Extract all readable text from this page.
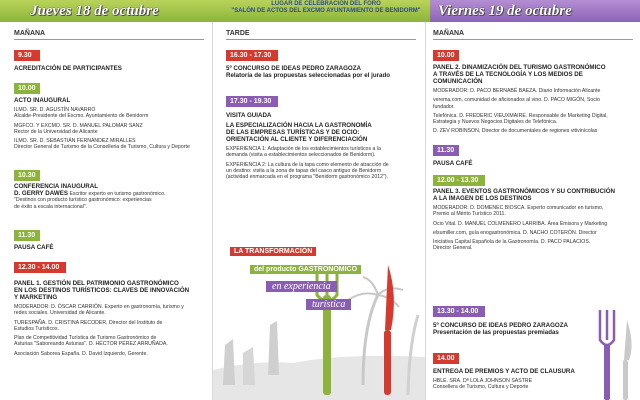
Jueves 18 de octubre	LUGAR DE CELEBRACIÓN DEL FORO
"SALÓN DE ACTOS DEL EXCMO AYUNTAMIENTO DE BENIDORM" Viernes 19 de octubre
MAÑANA
9.30

ACREDITACIÓN DE PARTICIPANTES

10.00

ACTO INAUGURAL

ILMO. SR. D. AGUSTÍN NAVARRO

Alcalde-Presidente del Excmo. Ayuntamiento de Benidorm

MGFCO. Y EXCMO. SR. D. MANUEL PALOMAR SANZ

Rector de la Universidad de Alicante

ILMO. SR. D. SEBASTIÁN FERNÁNDEZ MIRALLES

Director General de Turismo de la Conselleria de Turismo, Cultura y Deporte

10.30

CONFERENCIA INAUGURAL

D. GERRY DAWES Escritor experto en turismo gastronómico.

"Destinos con producto turístico gastronómico: experiencias

de éxito a escala internacional".

11.30

PAUSA CAFÉ

12.30 - 14.00

PANEL 1. GESTIÓN DEL PATRIMONIO GASTRONÓMICO

EN LOS DESTINOS TURÍSTICOS: CLAVES DE INNOVACIÓN

Y MARKETING

MODERADOR: D. ÓSCAR CARRIÓN. Experto en gastronomía, turismo y

redes sociales. Universidad de Alicante.

TURESPAÑA. D. CRISTINA RECODER, Director del Instituto de

Estudios Turísticos.

Plan de Competitividad Turística de Turismo Gastronómico de

Asturias "Saboreando Asturias". D. HÉCTOR PÉREZ ARRUÑADA.

Asociación Saborea España. D. David Izquierdo, Gerente.

TARDE
16.30 - 17.30

5º CONCURSO DE IDEAS PEDRO ZARAGOZA

Relatoría de las propuestas seleccionadas por el jurado

17.30 - 19.30

VISITA GUIADA

LA ESPECIALIZACIÓN HACIA LA GASTRONOMÍA

DE LAS EMPRESAS TURÍSTICAS Y DE OCIO:

ORIENTACIÓN AL CLIENTE Y DIFERENCIACIÓN

EXPERIENCIA 1: Adaptación de los establecimientos turísticos a la

demanda (visita a establecimientos seleccionados de Benidorm).

EXPERIENCIA 2: La cultura de la tapa como elemento de atracción de

un destino: visita a la zona de tapas del casco antiguo de Benidorm

(actividad enmarcada en el programa "Benidorm gastronómico 2012").

LA TRANSFORMACIÓN
del producto GASTRONÓMICO
en experiencia
turística
MAÑANA
10.00

PANEL 2. DINAMIZACIÓN DEL TURISMO GASTRONÓMICO

A TRAVÉS DE LA TECNOLOGÍA Y LOS MEDIOS DE

COMUNICACIÓN

MODERADOR: D. PACO BERNABÉ BAEZA. Diario Información Alicante

verema.com, comunidad de aficionados al vino. D. PACO MIGÓN, Socio

fundador.

Telefónica. D. FREDERIC VIEUXMAIRE. Responsable de Marketing Digital,

Estrategia y Nuevos Negocios Digitales de Telefónica.

D. ZEV ROBINSON, Director de documentales de regiones vitivinícolas

11.30

PAUSA CAFÉ

12.00 - 13.30

PANEL 3. EVENTOS GASTRONÓMICOS Y SU CONTRIBUCIÓN

A LA IMAGEN DE LOS DESTINOS

MODERADOR: D. DOMENEC BIOSCA. Experto comunicador en turismo,

Premio al Mérito Turístico 2011.

Ocio Vital. D. MANUEL COLMENERO LARRIBA. Área Emisora y Marketing

elsumiller.com, guía enogastronómica. D. NACHO COTERÓN. Director

Iniciativa Capital Española de la Gastronomía. D. PACO PALACIOS.

Director General.

13.30 - 14.00

5º CONCURSO DE IDEAS PEDRO ZARAGOZA

Presentación de las propuestas premiadas

14.00

ENTREGA DE PREMIOS Y ACTO DE CLAUSURA

HBLE. SRA. Dª LOLA JOHNSON SASTRE

Consellera de Turismo, Cultura y Deporte
